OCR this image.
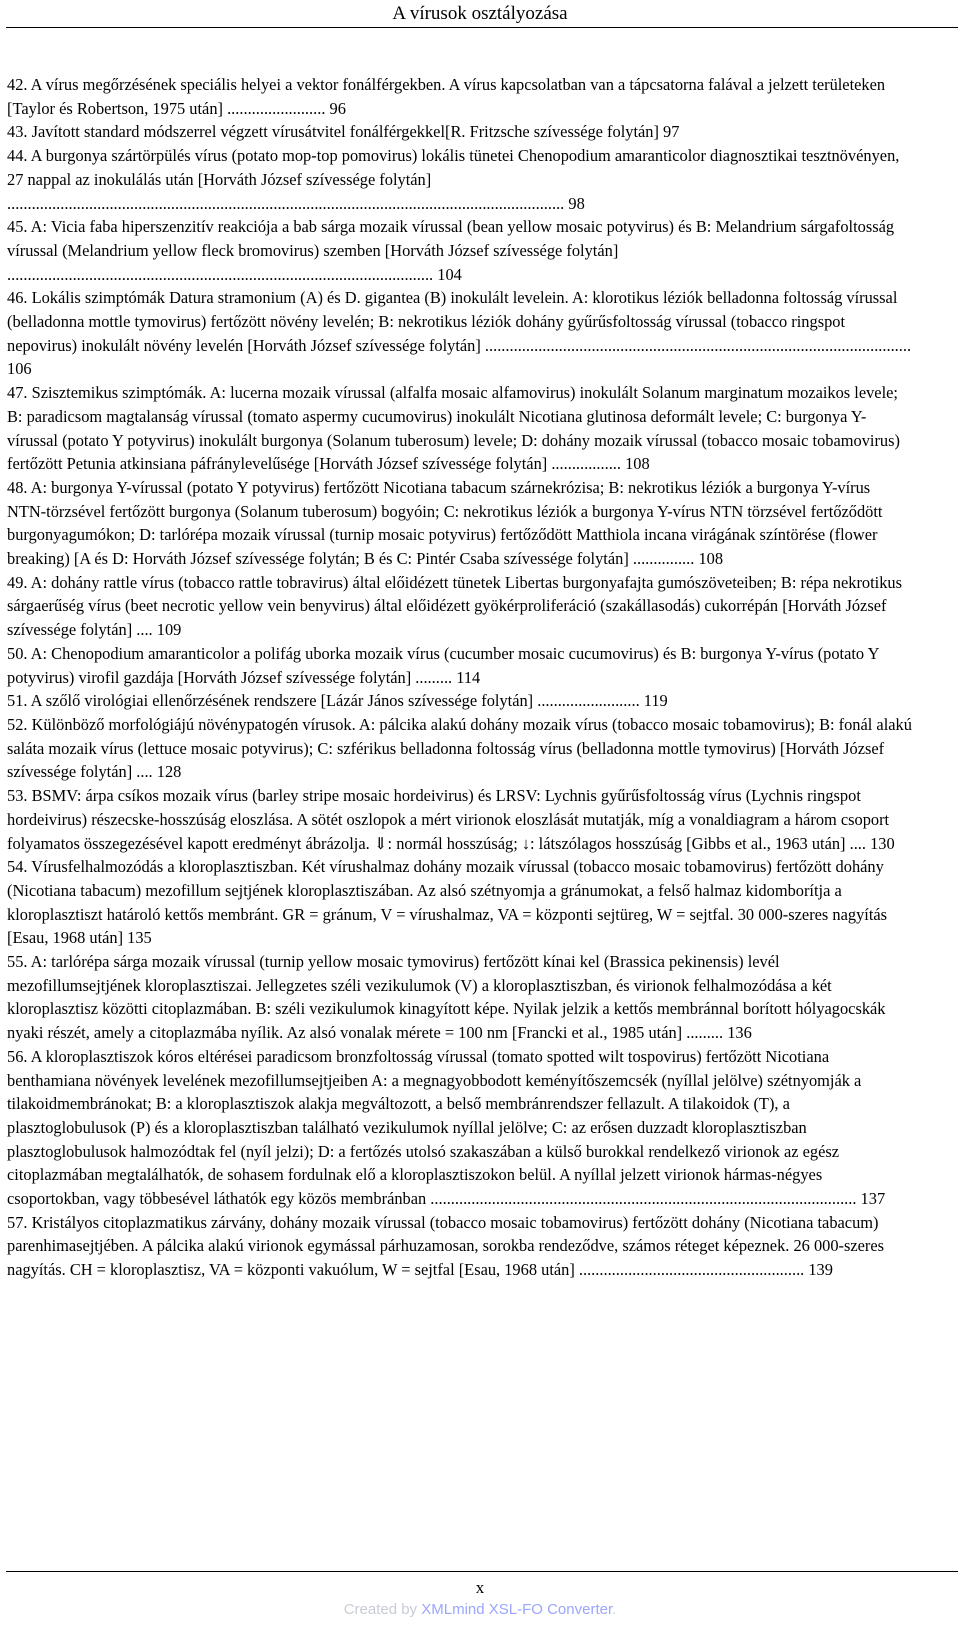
A vírusok osztályozása

42. A vírus megőrzésének speciális helyei a vektor fonálférgekben. A vírus kapcsolatban van a tápcsatorna falával a jelzett területeken [Taylor és Robertson, 1975 után] ........................ 96

43. Javított standard módszerrel végzett vírusátvitel fonálférgekkel[R. Fritzsche szívessége folytán] 97

44. A burgonya szártörpülés vírus (potato mop-top pomovirus) lokális tünetei Chenopodium amaranticolor diagnosztikai tesztnövényen, 27 nappal az inokulálás után [Horváth József szívessége folytán] ........................................................................................................................................ 98

45. A: Vicia faba hiperszenzitív reakciója a bab sárga mozaik vírussal (bean yellow mosaic potyvirus) és B: Melandrium sárgafoltosság vírussal (Melandrium yellow fleck bromovirus) szemben [Horváth József szívessége folytán] ........................................................................................................ 104

46. Lokális szimptómák Datura stramonium (A) és D. gigantea (B) inokulált levelein. A: klorotikus léziók belladonna foltosság vírussal (belladonna mottle tymovirus) fertőzött növény levelén; B: nekrotikus léziók dohány gyűrűsfoltosság vírussal (tobacco ringspot nepovirus) inokulált növény levelén [Horváth József szívessége folytán] ........................................................................................................ 106

47. Szisztemikus szimptómák. A: lucerna mozaik vírussal (alfalfa mosaic alfamovirus) inokulált Solanum marginatum mozaikos levele; B: paradicsom magtalanság vírussal (tomato aspermy cucumovirus) inokulált Nicotiana glutinosa deformált levele; C: burgonya Y-vírussal (potato Y potyvirus) inokulált burgonya (Solanum tuberosum) levele; D: dohány mozaik vírussal (tobacco mosaic tobamovirus) fertőzött Petunia atkinsiana páfránylevelűsége [Horváth József szívessége folytán] ................. 108

48. A: burgonya Y-vírussal (potato Y potyvirus) fertőzött Nicotiana tabacum szárnekrózisa; B: nekrotikus léziók a burgonya Y-vírus NTN-törzsével fertőzött burgonya (Solanum tuberosum) bogyóin; C: nekrotikus léziók a burgonya Y-vírus NTN törzsével fertőződött burgonyagumókon; D: tarlórépa mozaik vírussal (turnip mosaic potyvirus) fertőződött Matthiola incana virágának színtörése (flower breaking) [A és D: Horváth József szívessége folytán; B és C: Pintér Csaba szívessége folytán] ............... 108

49. A: dohány rattle vírus (tobacco rattle tobravirus) által előidézett tünetek Libertas burgonyafajta gumószöveteiben; B: répa nekrotikus sárgaerűség vírus (beet necrotic yellow vein benyvirus) által előidézett gyökérproliferáció (szakállasodás) cukorrépán [Horváth József szívessége folytán] .... 109

50. A: Chenopodium amaranticolor a polifág uborka mozaik vírus (cucumber mosaic cucumovirus) és B: burgonya Y-vírus (potato Y potyvirus) virofil gazdája [Horváth József szívessége folytán] ......... 114

51. A szőlő virológiai ellenőrzésének rendszere [Lázár János szívessége folytán] ......................... 119

52. Különböző morfológiájú növénypatogén vírusok. A: pálcika alakú dohány mozaik vírus (tobacco mosaic tobamovirus); B: fonál alakú saláta mozaik vírus (lettuce mosaic potyvirus); C: szférikus belladonna foltosság vírus (belladonna mottle tymovirus) [Horváth József szívessége folytán] .... 128

53. BSMV: árpa csíkos mozaik vírus (barley stripe mosaic hordeivirus) és LRSV: Lychnis gyűrűsfoltosság vírus (Lychnis ringspot hordeivirus) részecske-hosszúság eloszlása. A sötét oszlopok a mért virionok eloszlását mutatják, míg a vonaldiagram a három csoport folyamatos összegezésével kapott eredményt ábrázolja. ⇓: normál hosszúság; ↓: látszólagos hosszúság [Gibbs et al., 1963 után] .... 130

54. Vírusfelhalmozódás a kloroplasztiszban. Két vírushalmaz dohány mozaik vírussal (tobacco mosaic tobamovirus) fertőzött dohány (Nicotiana tabacum) mezofillum sejtjének kloroplasztiszában. Az alsó szétnyomja a gránumokat, a felső halmaz kidomborítja a kloroplasztiszt határoló kettős membránt. GR = gránum, V = vírushalmaz, VA = központi sejtüreg, W = sejtfal. 30 000-szeres nagyítás [Esau, 1968 után] 135

55. A: tarlórépa sárga mozaik vírussal (turnip yellow mosaic tymovirus) fertőzött kínai kel (Brassica pekinensis) levél mezofillumsejtjének kloroplasztiszai. Jellegzetes széli vezikulumok (V) a kloroplasztiszban, és virionok felhalmozódása a két kloroplasztisz közötti citoplazmában. B: széli vezikulumok kinagyított képe. Nyilak jelzik a kettős membránnal borított hólyagocskák nyaki részét, amely a citoplazmába nyílik. Az alsó vonalak mérete = 100 nm [Francki et al., 1985 után] ......... 136

56. A kloroplasztiszok kóros eltérései paradicsom bronzfoltosság vírussal (tomato spotted wilt tospovirus) fertőzött Nicotiana benthamiana növények levelének mezofillumsejtjeiben A: a megnagyobbodott keményítőszemcsék (nyíllal jelölve) szétnyomják a tilakoidmembránokat; B: a kloroplasztiszok alakja megváltozott, a belső membránrendszer fellazult. A tilakoidok (T), a plasztoglobulusok (P) és a kloroplasztiszban található vezikulumok nyíllal jelölve; C: az erősen duzzadt kloroplasztiszban plasztoglobulusok halmozódtak fel (nyíl jelzi); D: a fertőzés utolsó szakaszában a külső burokkal rendelkező virionok az egész citoplazmában megtalálhatók, de sohasem fordulnak elő a kloroplasztiszokon belül. A nyíllal jelzett virionok hármas-négyes csoportokban, vagy többesével láthatók egy közös membránban ........................................................................................................ 137

57. Kristályos citoplazmatikus zárvány, dohány mozaik vírussal (tobacco mosaic tobamovirus) fertőzött dohány (Nicotiana tabacum) parenhimasejtjében. A pálcika alakú virionok egymással párhuzamosan, sorokba rendeződve, számos réteget képeznek. 26 000-szeres nagyítás. CH = kloroplasztisz, VA = központi vakuólum, W = sejtfal [Esau, 1968 után] ....................................................... 139

x
Created by XMLmind XSL-FO Converter.
